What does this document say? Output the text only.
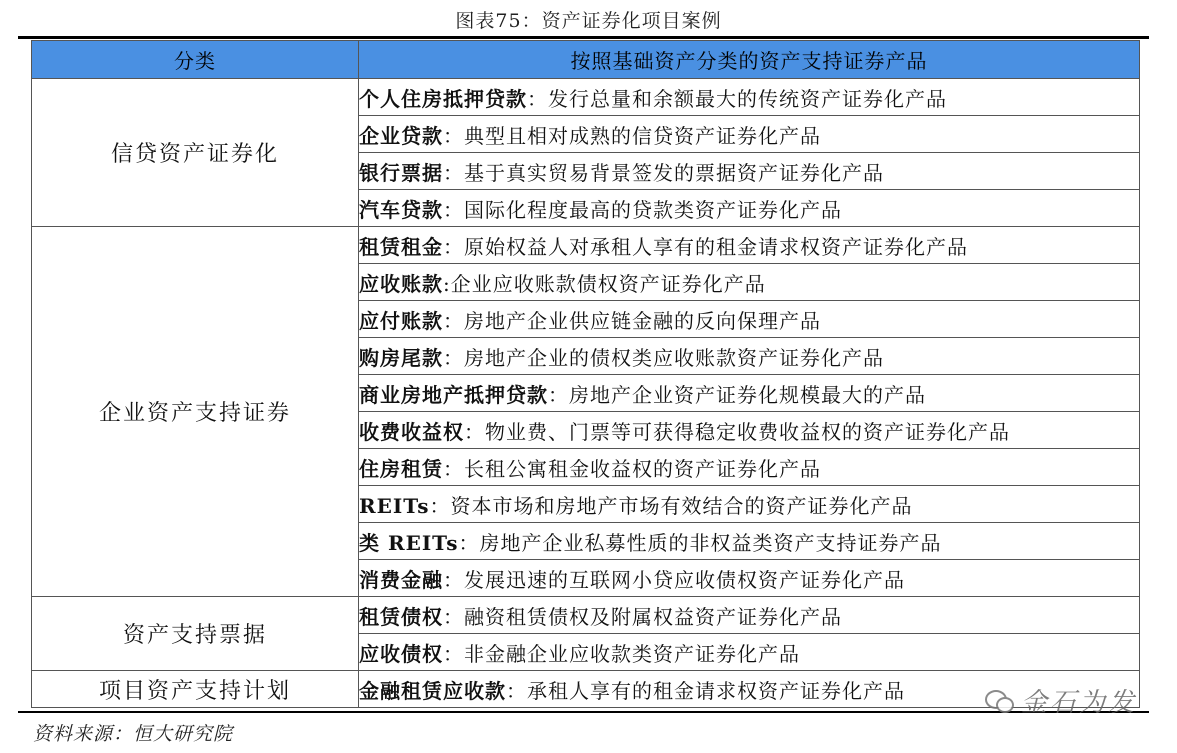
图表75：资产证券化项目案例
分类	按照基础资产分类的资产支持证券产品
信贷资产证券化	个人住房抵押贷款：发行总量和余额最大的传统资产证券化产品
	企业贷款：典型且相对成熟的信贷资产证券化产品
	银行票据：基于真实贸易背景签发的票据资产证券化产品
	汽车贷款：国际化程度最高的贷款类资产证券化产品
企业资产支持证券	租赁租金：原始权益人对承租人享有的租金请求权资产证券化产品
	应收账款:企业应收账款债权资产证券化产品
	应付账款：房地产企业供应链金融的反向保理产品
	购房尾款：房地产企业的债权类应收账款资产证券化产品
	商业房地产抵押贷款：房地产企业资产证券化规模最大的产品
	收费收益权：物业费、门票等可获得稳定收费收益权的资产证券化产品
	住房租赁：长租公寓租金收益权的资产证券化产品
	REITs：资本市场和房地产市场有效结合的资产证券化产品
	类 REITs：房地产企业私募性质的非权益类资产支持证券产品
	消费金融：发展迅速的互联网小贷应收债权资产证券化产品
资产支持票据	租赁债权：融资租赁债权及附属权益资产证券化产品
	应收债权：非金融企业应收款类资产证券化产品
项目资产支持计划	金融租赁应收款：承租人享有的租金请求权资产证券化产品
资料来源：恒大研究院
金石为发
